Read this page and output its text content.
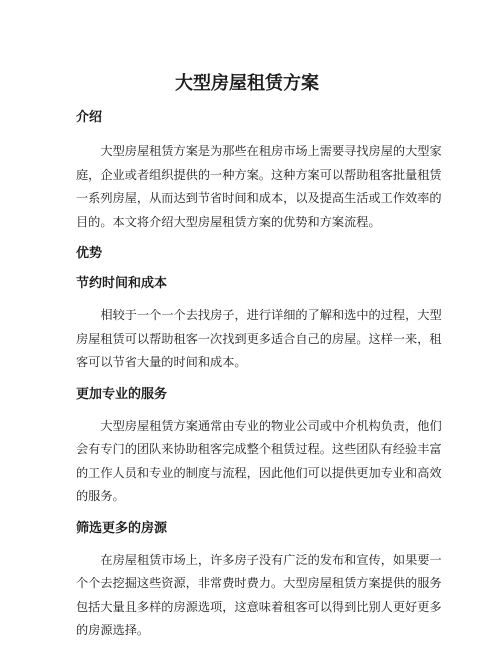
大型房屋租赁方案
介绍

大型房屋租赁方案是为那些在租房市场上需要寻找房屋的大型家
庭，企业或者组织提供的一种方案。这种方案可以帮助租客批量租赁
一系列房屋，从而达到节省时间和成本，以及提高生活或工作效率的
目的。本文将介绍大型房屋租赁方案的优势和方案流程。

优势
节约时间和成本

相较于一个一个去找房子，进行详细的了解和选中的过程，大型
房屋租赁可以帮助租客一次找到更多适合自己的房屋。这样一来，租
客可以节省大量的时间和成本。

更加专业的服务

大型房屋租赁方案通常由专业的物业公司或中介机构负责，他们
会有专门的团队来协助租客完成整个租赁过程。这些团队有经验丰富
的工作人员和专业的制度与流程，因此他们可以提供更加专业和高效
的服务。

筛选更多的房源

在房屋租赁市场上，许多房子没有广泛的发布和宣传，如果要一
个个去挖掘这些资源，非常费时费力。大型房屋租赁方案提供的服务
包括大量且多样的房源选项，这意味着租客可以得到比别人更好更多
的房源选择。
